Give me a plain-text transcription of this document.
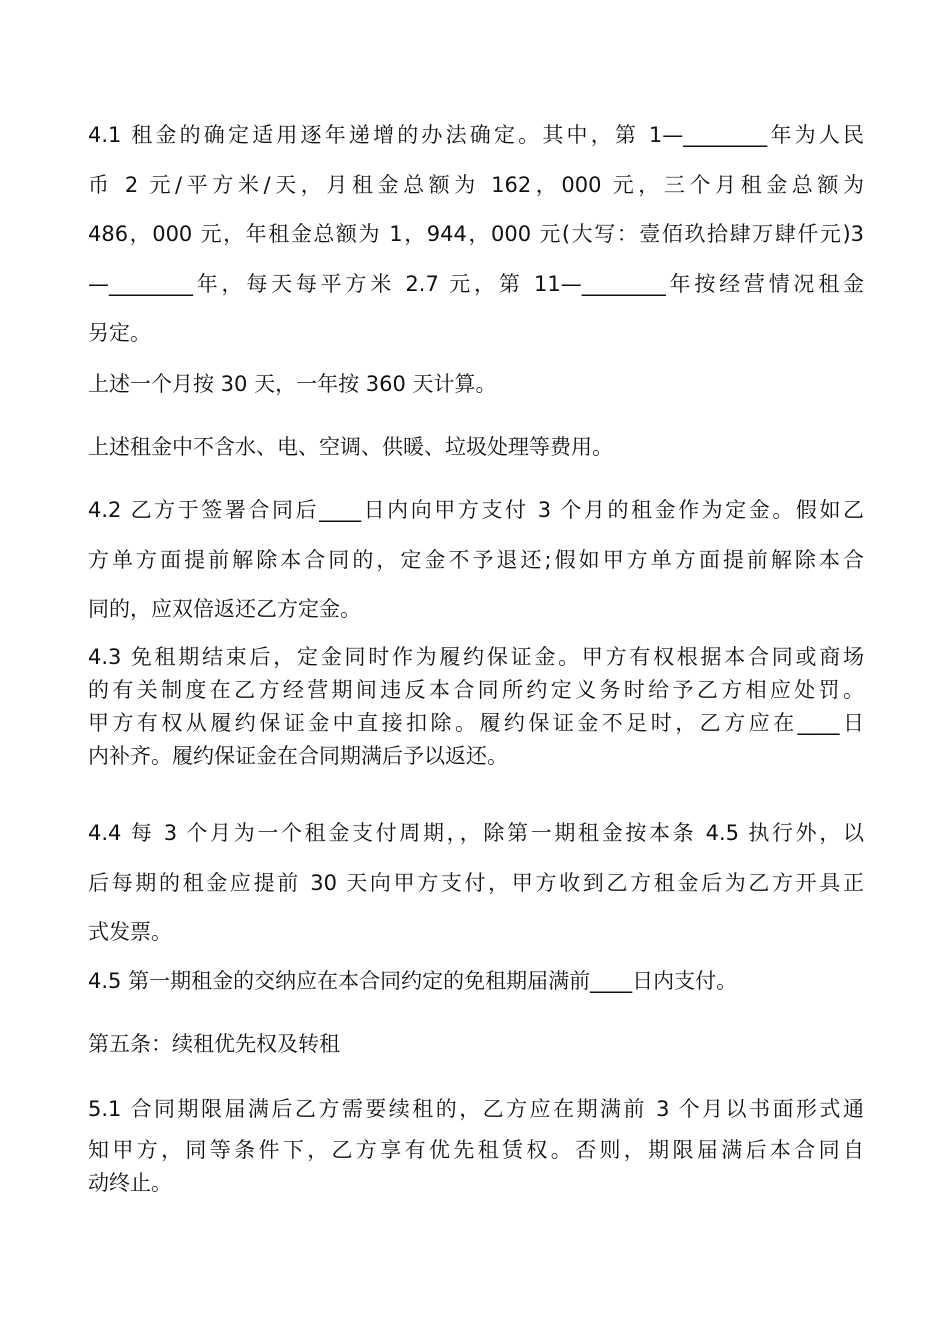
4.1 租金的确定适用逐年递增的办法确定。其中，第 1—________年为人民
币 2 元/平方米/天，月租金总额为 162，000 元，三个月租金总额为
486，000 元，年租金总额为 1，944，000 元(大写：壹佰玖拾肆万肆仟元)3
—________年，每天每平方米 2.7 元，第 11—________年按经营情况租金
另定。
上述一个月按 30 天，一年按 360 天计算。
上述租金中不含水、电、空调、供暖、垃圾处理等费用。
4.2 乙方于签署合同后____日内向甲方支付 3 个月的租金作为定金。假如乙
方单方面提前解除本合同的，定金不予退还;假如甲方单方面提前解除本合
同的，应双倍返还乙方定金。
4.3 免租期结束后，定金同时作为履约保证金。甲方有权根据本合同或商场
的有关制度在乙方经营期间违反本合同所约定义务时给予乙方相应处罚。
甲方有权从履约保证金中直接扣除。履约保证金不足时，乙方应在____日
内补齐。履约保证金在合同期满后予以返还。
4.4 每 3 个月为一个租金支付周期，，除第一期租金按本条 4.5 执行外，以
后每期的租金应提前 30 天向甲方支付，甲方收到乙方租金后为乙方开具正
式发票。
4.5 第一期租金的交纳应在本合同约定的免租期届满前____日内支付。
第五条：续租优先权及转租
5.1 合同期限届满后乙方需要续租的，乙方应在期满前 3 个月以书面形式通
知甲方，同等条件下，乙方享有优先租赁权。否则，期限届满后本合同自
动终止。
